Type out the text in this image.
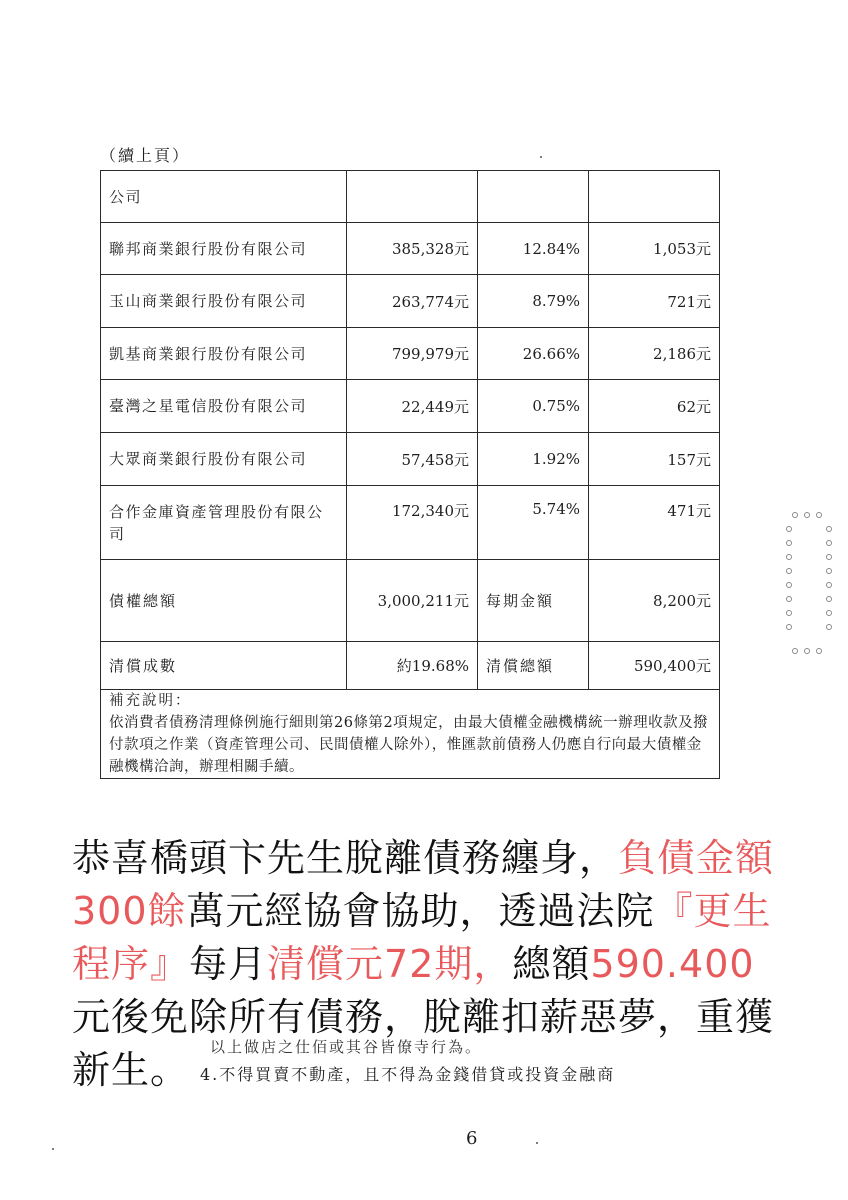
（續上頁）
公司			
聯邦商業銀行股份有限公司	385,328元	12.84%	1,053元
玉山商業銀行股份有限公司	263,774元	8.79%	721元
凱基商業銀行股份有限公司	799,979元	26.66%	2,186元
臺灣之星電信股份有限公司	22,449元	0.75%	62元
大眾商業銀行股份有限公司	57,458元	1.92%	157元
合作金庫資產管理股份有限公司	172,340元	5.74%	471元
債權總額	3,000,211元	每期金額	8,200元
清償成數	約19.68%	清償總額	590,400元

補充說明：
依消費者債務清理條例施行細則第26條第2項規定，由最大債權金融機構統一辦理收款及撥付款項之作業（資產管理公司、民間債權人除外），惟匯款前債務人仍應自行向最大債權金融機構洽詢，辦理相關手續。			
恭喜橋頭卞先生脫離債務纏身，負債金額300餘萬元經協會協助，透過法院『更生程序』每月清償元72期，總額590.400元後免除所有債務，脫離扣薪惡夢，重獲新生。
以上做店之仕佰或其谷皆僚寺行為。
4.不得買賣不動產，且不得為金錢借貸或投資金融商
6
